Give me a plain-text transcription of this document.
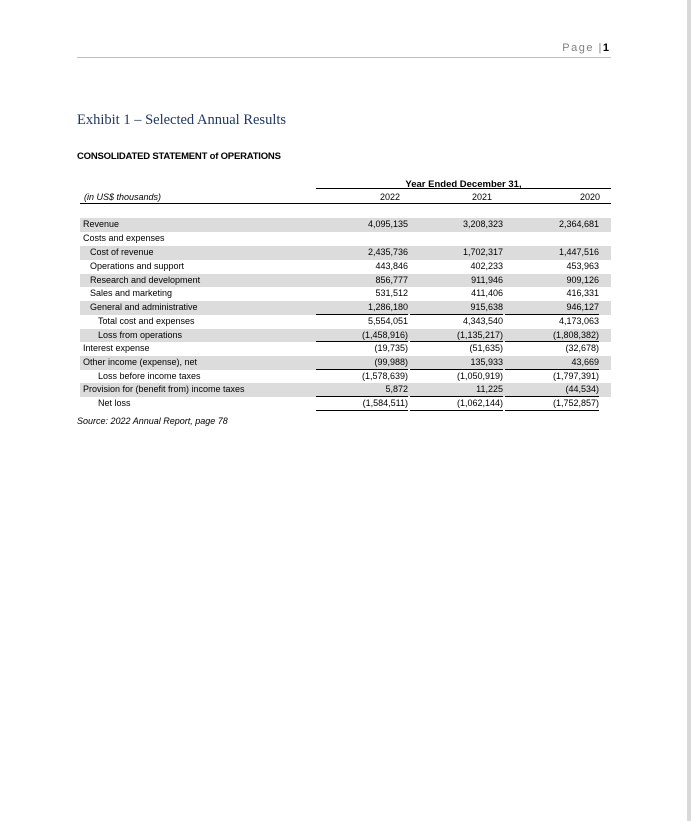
Page |1
Exhibit 1 – Selected Annual Results
CONSOLIDATED STATEMENT of OPERATIONS
Year Ended December 31,
(in US$ thousands)	2022	2021	2020
Revenue	4,095,135	3,208,323	2,364,681
Costs and expenses
Cost of revenue	2,435,736	1,702,317	1,447,516
Operations and support	443,846	402,233	453,963
Research and development	856,777	911,946	909,126
Sales and marketing	531,512	411,406	416,331
General and administrative	1,286,180	915,638	946,127
Total cost and expenses	5,554,051	4,343,540	4,173,063
Loss from operations	(1,458,916)	(1,135,217)	(1,808,382)
Interest expense	(19,735)	(51,635)	(32,678)
Other income (expense), net	(99,988)	135,933	43,669
Loss before income taxes	(1,578,639)	(1,050,919)	(1,797,391)
Provision for (benefit from) income taxes	5,872	11,225	(44,534)
Net loss	(1,584,511)	(1,062,144)	(1,752,857)
Source: 2022 Annual Report, page 78
